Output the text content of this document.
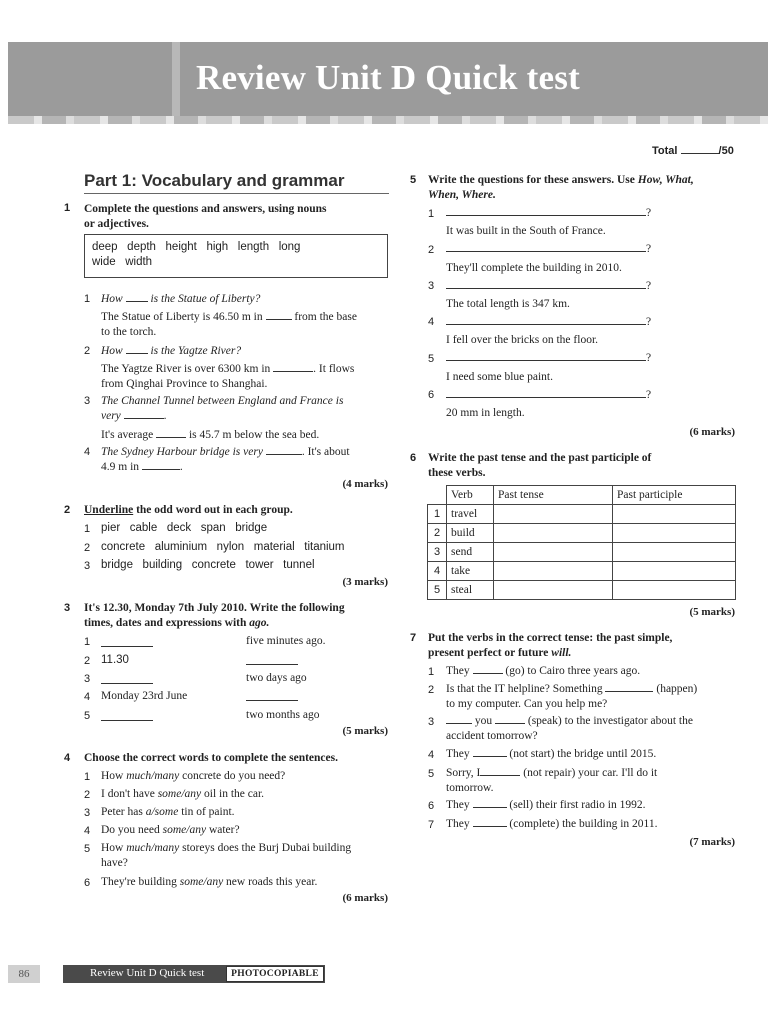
Review Unit D Quick test
Total	/50
Part 1: Vocabulary and grammar
1 Complete the questions and answers, using nouns
or adjectives.
deep   depth   height   high   length   long
wide   width
1 How is the Statue of Liberty?
The Statue of Liberty is 46.50 m in	from the base
to the torch.
2 How is the Yagtze River?
The Yagtze River is over 6300 km in	. It flows
from Qinghai Province to Shanghai.
3 The Channel Tunnel between England and France is
very	.
It's average	is 45.7 m below the sea bed.
4 The Sydney Harbour bridge is very	. It's about
4.9 m in	.
(4 marks)
2 Underline the odd word out in each group.
1 pier   cable   deck   span   bridge
2 concrete   aluminium   nylon   material   titanium
3 bridge   building   concrete   tower   tunnel
(3 marks)
3 It's 12.30, Monday 7th July 2010. Write the following
times, dates and expressions with ago.
1	five minutes ago.
2 11.30
3	two days ago
4 Monday 23rd June
5	two months ago
(5 marks)
4 Choose the correct words to complete the sentences.
1 How much/many concrete do you need?
2 I don't have some/any oil in the car.
3 Peter has a/some tin of paint.
4 Do you need some/any water?
5 How much/many storeys does the Burj Dubai building
have?
6 They're building some/any new roads this year.
(6 marks)
5 Write the questions for these answers. Use How, What,
When, Where.
1	?
It was built in the South of France.
2	?
They'll complete the building in 2010.
3	?
The total length is 347 km.
4	?
I fell over the bricks on the floor.
5	?
I need some blue paint.
6	?
20 mm in length.
(6 marks)
6 Write the past tense and the past participle of
these verbs.
	Verb	Past tense	Past participle
1	travel		
2	build		
3	send		
4	take		
5	steal		
(5 marks)
7 Put the verbs in the correct tense: the past simple,
present perfect or future will.
1 They	(go) to Cairo three years ago.
2 Is that the IT helpline? Something	(happen)
to my computer. Can you help me?
3	you	(speak) to the investigator about the
accident tomorrow?
4 They	(not start) the bridge until 2015.
5 Sorry, I	(not repair) your car. I'll do it
tomorrow.
6 They	(sell) their first radio in 1992.
7 They	(complete) the building in 2011.
(7 marks)
86	Review Unit D Quick test	PHOTOCOPIABLE
